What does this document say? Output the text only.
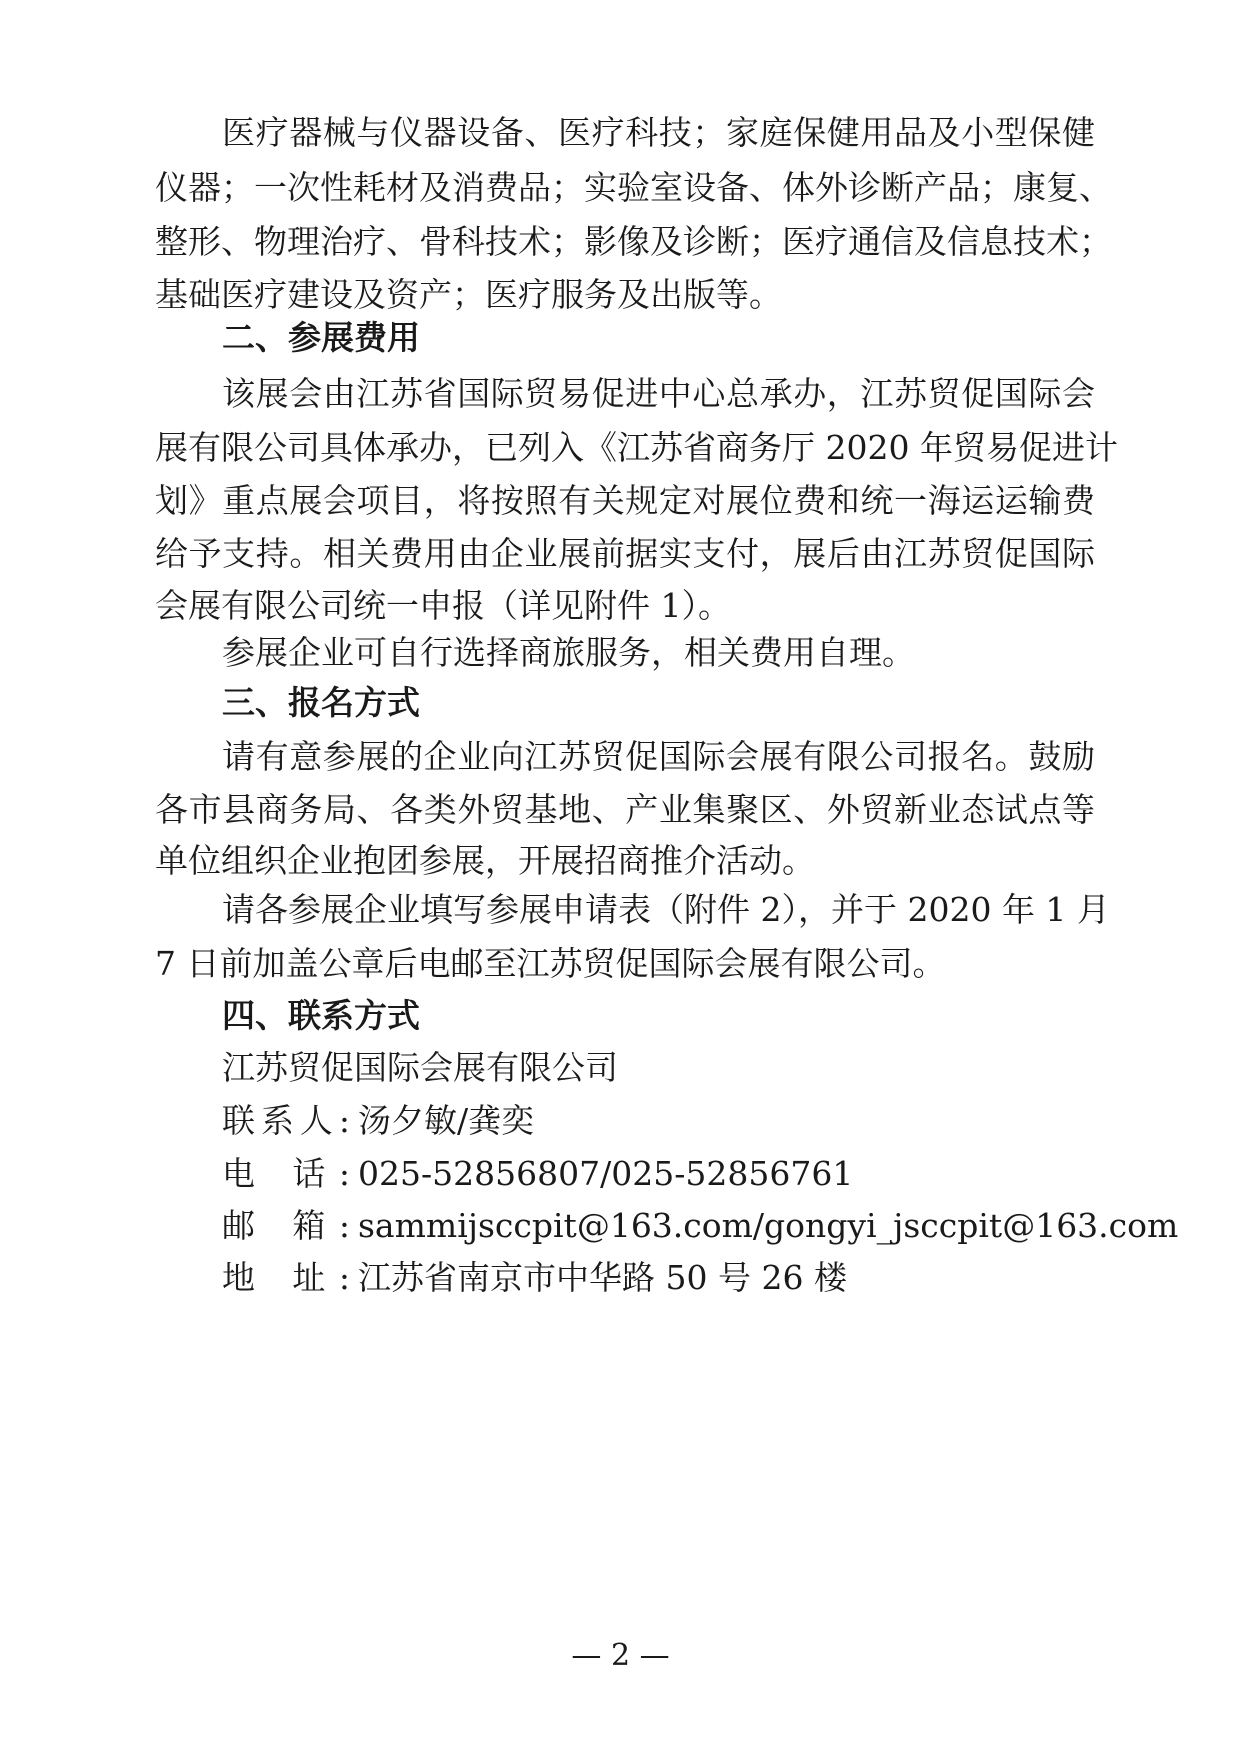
医疗器械与仪器设备、医疗科技；家庭保健用品及小型保健
仪器；一次性耗材及消费品；实验室设备、体外诊断产品；康复、
整形、物理治疗、骨科技术；影像及诊断；医疗通信及信息技术；
基础医疗建设及资产；医疗服务及出版等。
二、参展费用
该展会由江苏省国际贸易促进中心总承办，江苏贸促国际会
展有限公司具体承办，已列入《江苏省商务厅 2020 年贸易促进计
划》重点展会项目，将按照有关规定对展位费和统一海运运输费
给予支持。相关费用由企业展前据实支付，展后由江苏贸促国际
会展有限公司统一申报（详见附件 1）。
参展企业可自行选择商旅服务，相关费用自理。
三、报名方式
请有意参展的企业向江苏贸促国际会展有限公司报名。鼓励
各市县商务局、各类外贸基地、产业集聚区、外贸新业态试点等
单位组织企业抱团参展，开展招商推介活动。
请各参展企业填写参展申请表（附件 2），并于 2020 年 1 月
7 日前加盖公章后电邮至江苏贸促国际会展有限公司。
四、联系方式
江苏贸促国际会展有限公司
联系人: 汤夕敏/龚奕
电 话: 025-52856807/025-52856761
邮 箱: sammijsccpit@163.com/gongyi_jsccpit@163.com
地 址: 江苏省南京市中华路 50 号 26 楼
— 2 —
